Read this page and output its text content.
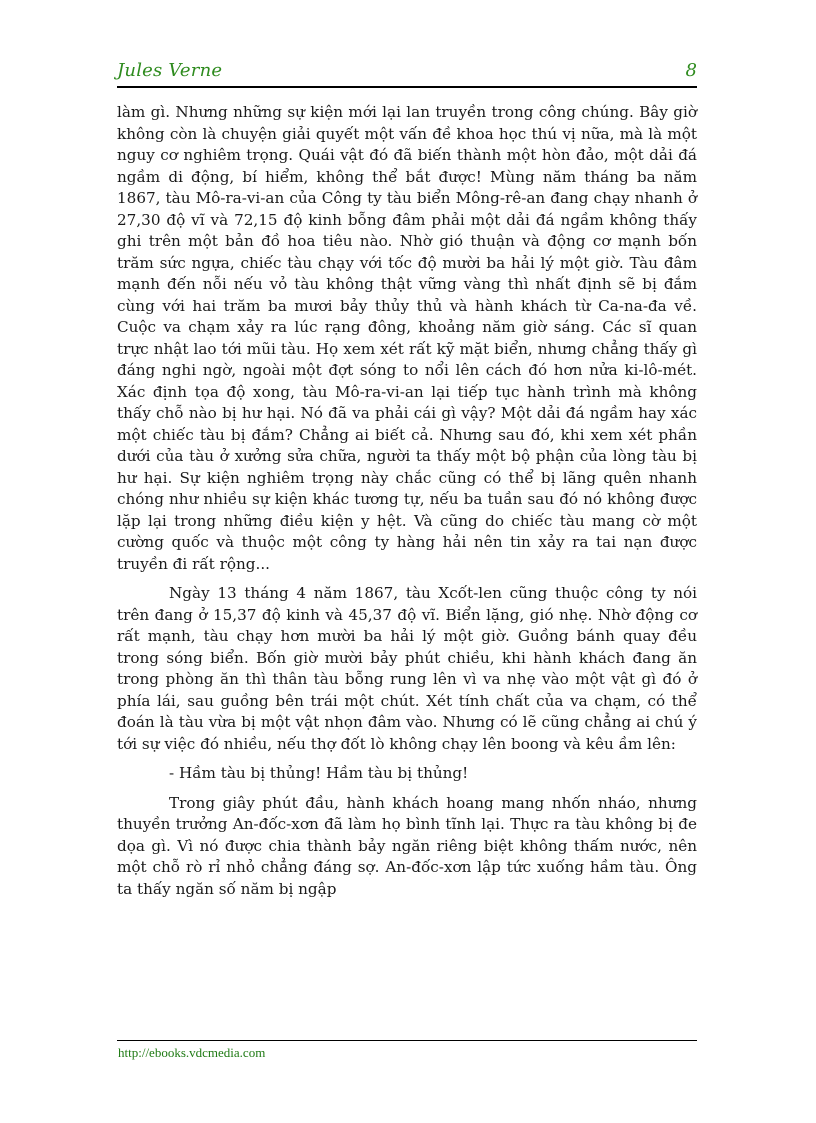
Jules Verne	8

làm gì. Nhưng những sự kiện mới lại lan truyền trong công chúng. Bây giờ không còn là chuyện giải quyết một vấn đề khoa học thú vị nữa, mà là một nguy cơ nghiêm trọng. Quái vật đó đã biến thành một hòn đảo, một dải đá ngầm di động, bí hiểm, không thể bắt được! Mùng năm tháng ba năm 1867, tàu Mô-ra-vi-an của Công ty tàu biển Mông-rê-an đang chạy nhanh ở 27,30 độ vĩ và 72,15 độ kinh bỗng đâm phải một dải đá ngầm không thấy ghi trên một bản đồ hoa tiêu nào. Nhờ gió thuận và động cơ mạnh bốn trăm sức ngựa, chiếc tàu chạy với tốc độ mười ba hải lý một giờ. Tàu đâm mạnh đến nỗi nếu vỏ tàu không thật vững vàng thì nhất định sẽ bị đắm cùng với hai trăm ba mươi bảy thủy thủ và hành khách từ Ca-na-đa về. Cuộc va chạm xảy ra lúc rạng đông, khoảng năm giờ sáng. Các sĩ quan trực nhật lao tới mũi tàu. Họ xem xét rất kỹ mặt biển, nhưng chẳng thấy gì đáng nghi ngờ, ngoài một đợt sóng to nổi lên cách đó hơn nửa ki-lô-mét. Xác định tọa độ xong, tàu Mô-ra-vi-an lại tiếp tục hành trình mà không thấy chỗ nào bị hư hại. Nó đã va phải cái gì vậy? Một dải đá ngầm hay xác một chiếc tàu bị đắm? Chẳng ai biết cả. Nhưng sau đó, khi xem xét phần dưới của tàu ở xưởng sửa chữa, người ta thấy một bộ phận của lòng tàu bị hư hại. Sự kiện nghiêm trọng này chắc cũng có thể bị lãng quên nhanh chóng như nhiều sự kiện khác tương tự, nếu ba tuần sau đó nó không được lặp lại trong những điều kiện y hệt. Và cũng do chiếc tàu mang cờ một cường quốc và thuộc một công ty hàng hải nên tin xảy ra tai nạn được truyền đi rất rộng...

Ngày 13 tháng 4 năm 1867, tàu Xcốt-len cũng thuộc công ty nói trên đang ở 15,37 độ kinh và 45,37 độ vĩ. Biển lặng, gió nhẹ. Nhờ động cơ rất mạnh, tàu chạy hơn mười ba hải lý một giờ. Guồng bánh quay đều trong sóng biển. Bốn giờ mười bảy phút chiều, khi hành khách đang ăn trong phòng ăn thì thân tàu bỗng rung lên vì va nhẹ vào một vật gì đó ở phía lái, sau guồng bên trái một chút. Xét tính chất của va chạm, có thể đoán là tàu vừa bị một vật nhọn đâm vào. Nhưng có lẽ cũng chẳng ai chú ý tới sự việc đó nhiều, nếu thợ đốt lò không chạy lên boong và kêu ầm lên:

- Hầm tàu bị thủng! Hầm tàu bị thủng!

Trong giây phút đầu, hành khách hoang mang nhốn nháo, nhưng thuyền trưởng An-đốc-xơn đã làm họ bình tĩnh lại. Thực ra tàu không bị đe dọa gì. Vì nó được chia thành bảy ngăn riêng biệt không thấm nước, nên một chỗ rò rỉ nhỏ chẳng đáng sợ. An-đốc-xơn lập tức xuống hầm tàu. Ông ta thấy ngăn số năm bị ngập

http://ebooks.vdcmedia.com
